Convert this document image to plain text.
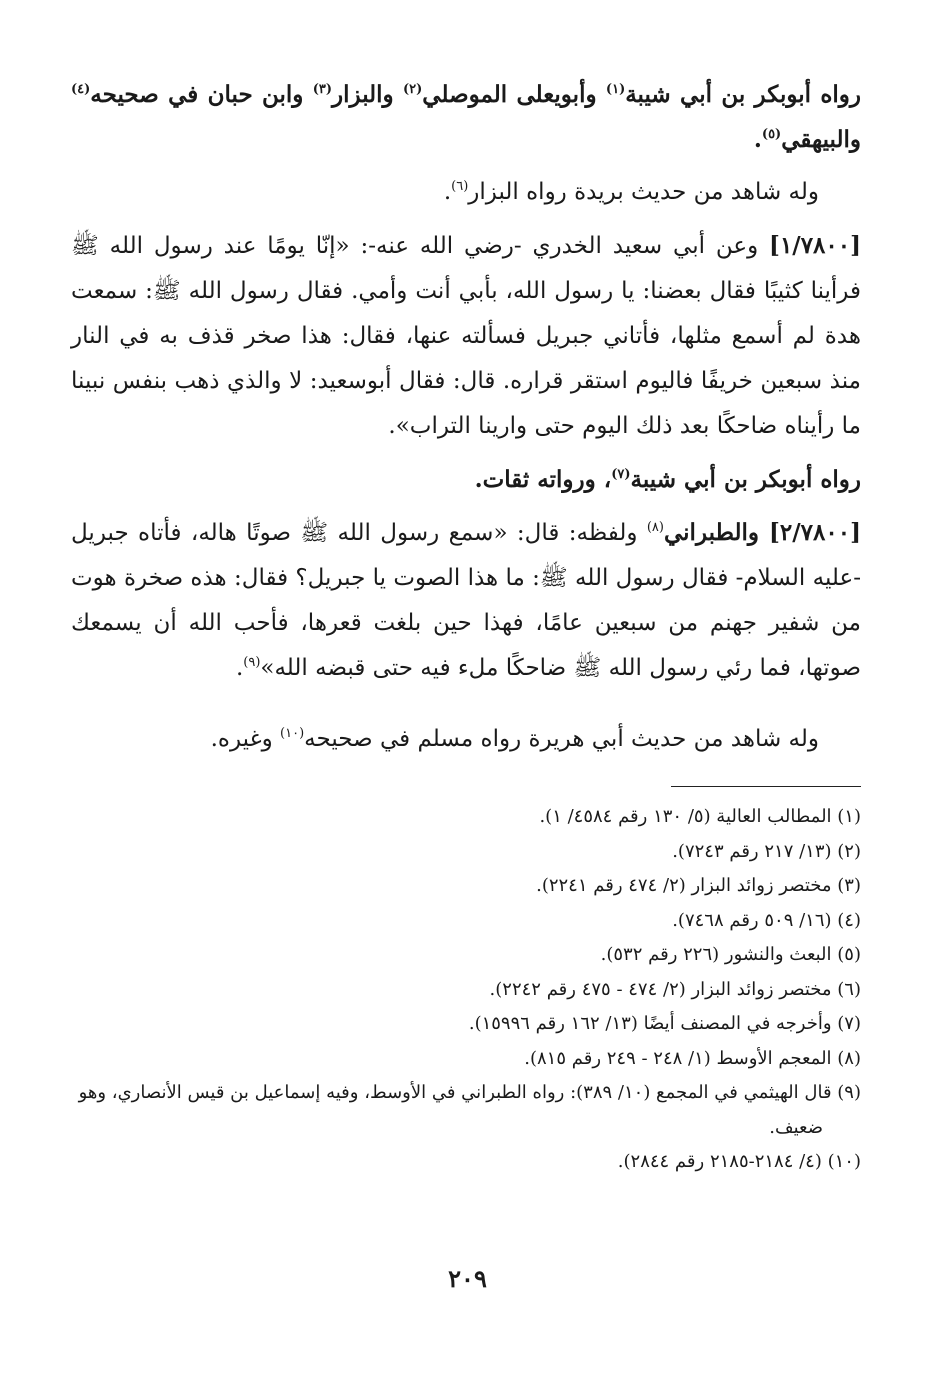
رواه أبوبكر بن أبي شيبة$^{(١)}$ وأبويعلى الموصلي$^{(٢)}$ والبزار$^{(٣)}$ وابن حبان في صحيحه$^{(٤)}$ والبيهقي$^{(٥)}$.

وله شاهد من حديث بريدة رواه البزار$^{(٦)}$.

[١/٧٨٠٠] وعن أبي سعيد الخدري -رضي الله عنه-: «إنّا يومًا عند رسول الله ﷺ فرأينا كثيبًا فقال بعضنا: يا رسول الله، بأبي أنت وأمي. فقال رسول الله ﷺ: سمعت هدة لم أسمع مثلها، فأتاني جبريل فسألته عنها، فقال: هذا صخر قذف به في النار منذ سبعين خريفًا فاليوم استقر قراره. قال: فقال أبوسعيد: لا والذي ذهب بنفس نبينا ما رأيناه ضاحكًا بعد ذلك اليوم حتى وارينا التراب».

رواه أبوبكر بن أبي شيبة$^{(٧)}$، ورواته ثقات.

[٢/٧٨٠٠] والطبراني$^{(٨)}$ ولفظه: قال: «سمع رسول الله ﷺ صوتًا هاله، فأتاه جبريل -عليه السلام- فقال رسول الله ﷺ: ما هذا الصوت يا جبريل؟ فقال: هذه صخرة هوت من شفير جهنم من سبعين عامًا، فهذا حين بلغت قعرها، فأحب الله أن يسمعك صوتها، فما رئي رسول الله ﷺ ضاحكًا ملء فيه حتى قبضه الله»$^{(٩)}$.

وله شاهد من حديث أبي هريرة رواه مسلم في صحيحه$^{(١٠)}$ وغيره.

(١) المطالب العالية (٥/ ١٣٠ رقم ٤٥٨٤/ ١).

(٢) (١٣/ ٢١٧ رقم ٧٢٤٣).

(٣) مختصر زوائد البزار (٢/ ٤٧٤ رقم ٢٢٤١).

(٤) (١٦/ ٥٠٩ رقم ٧٤٦٨).

(٥) البعث والنشور (٢٢٦ رقم ٥٣٢).

(٦) مختصر زوائد البزار (٢/ ٤٧٤ - ٤٧٥ رقم ٢٢٤٢).

(٧) وأخرجه في المصنف أيضًا (١٣/ ١٦٢ رقم ١٥٩٩٦).

(٨) المعجم الأوسط (١/ ٢٤٨ - ٢٤٩ رقم ٨١٥).

(٩) قال الهيثمي في المجمع (١٠/ ٣٨٩): رواه الطبراني في الأوسط، وفيه إسماعيل بن قيس الأنصاري، وهو ضعيف.

(١٠) (٤/ ٢١٨٤-٢١٨٥ رقم ٢٨٤٤).

٢٠٩
